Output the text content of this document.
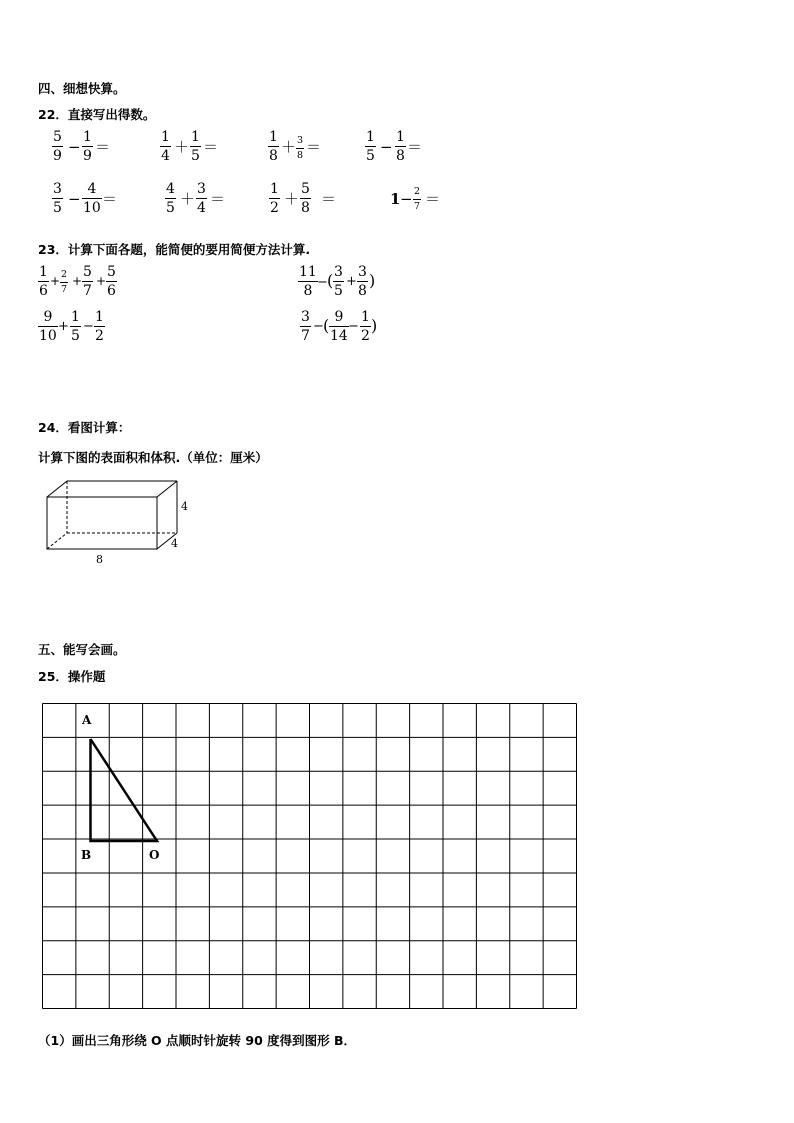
四、细想快算。
22．直接写出得数。
5
9 −
1
9 ＝
1
4 ＋
1
5 ＝
1
8 ＋ 3
8 ＝
1
5 −
1
8 ＝
3
5 −
4
10 ＝
4
5 ＋
3
4 ＝
1
2 ＋
5
8 ＝	1 − 2
7 ＝
23．计算下面各题，能简便的要用简便方法计算.
1
6
+ 2
7
+
5
7
+
5
6
11
8
− ( 3
5
+
3
8
)
9
10
+
1
5
−
1
2
3
7
− ( 9
14
−
1
2
)
24．看图计算：
计算下图的表面积和体积.（单位：厘米）
4
4
8
五、能写会画。
25．操作题
A
B	O
（1）画出三角形绕 O 点顺时针旋转 90 度得到图形 B．
